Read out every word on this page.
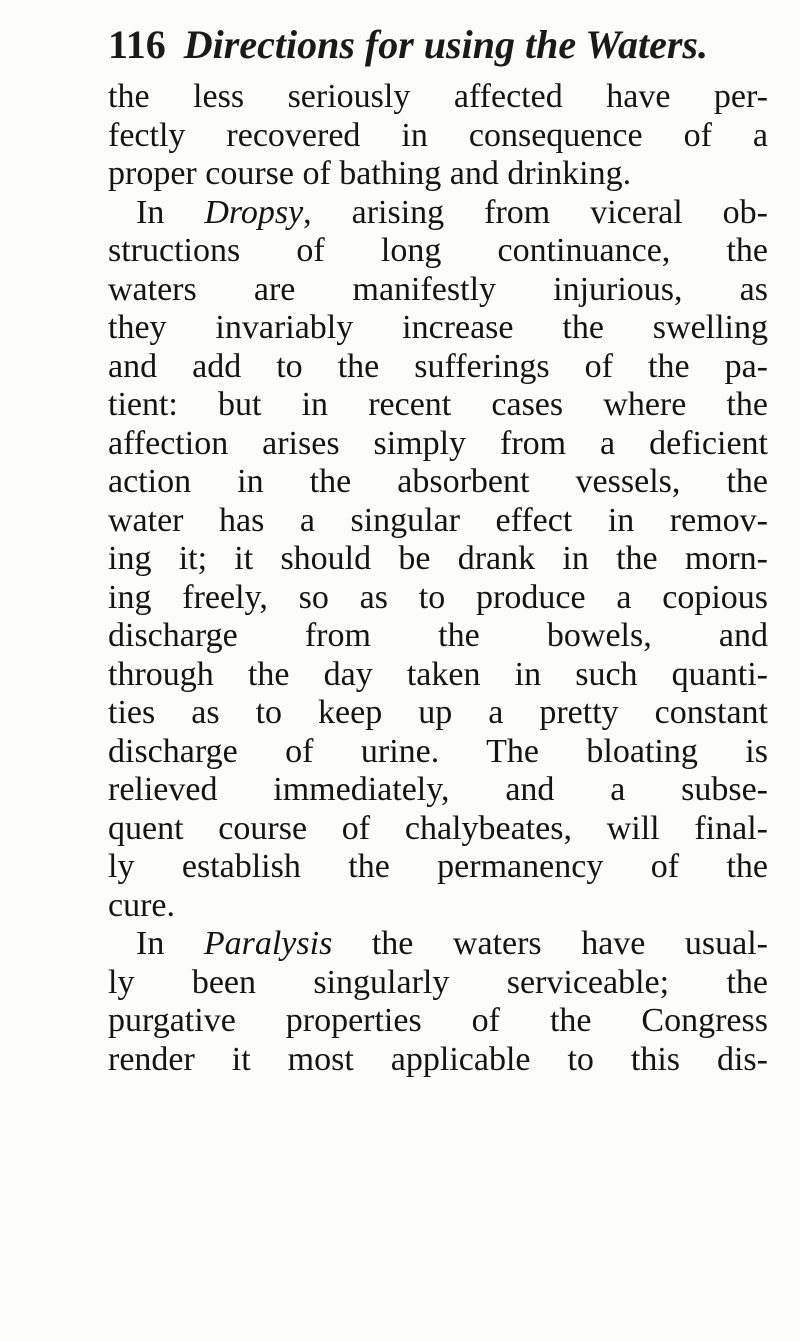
116 Directions for using the Waters.
the less seriously affected have per-
fectly recovered in consequence of a
proper course of bathing and drinking.
In Dropsy, arising from viceral ob-
structions of long continuance, the
waters are manifestly injurious, as
they invariably increase the swelling
and add to the sufferings of the pa-
tient: but in recent cases where the
affection arises simply from a deficient
action in the absorbent vessels, the
water has a singular effect in remov-
ing it; it should be drank in the morn-
ing freely, so as to produce a copious
discharge from the bowels, and
through the day taken in such quanti-
ties as to keep up a pretty constant
discharge of urine. The bloating is
relieved immediately, and a subse-
quent course of chalybeates, will final-
ly establish the permanency of the
cure.
In Paralysis the waters have usual-
ly been singularly serviceable; the
purgative properties of the Congress
render it most applicable to this dis-
